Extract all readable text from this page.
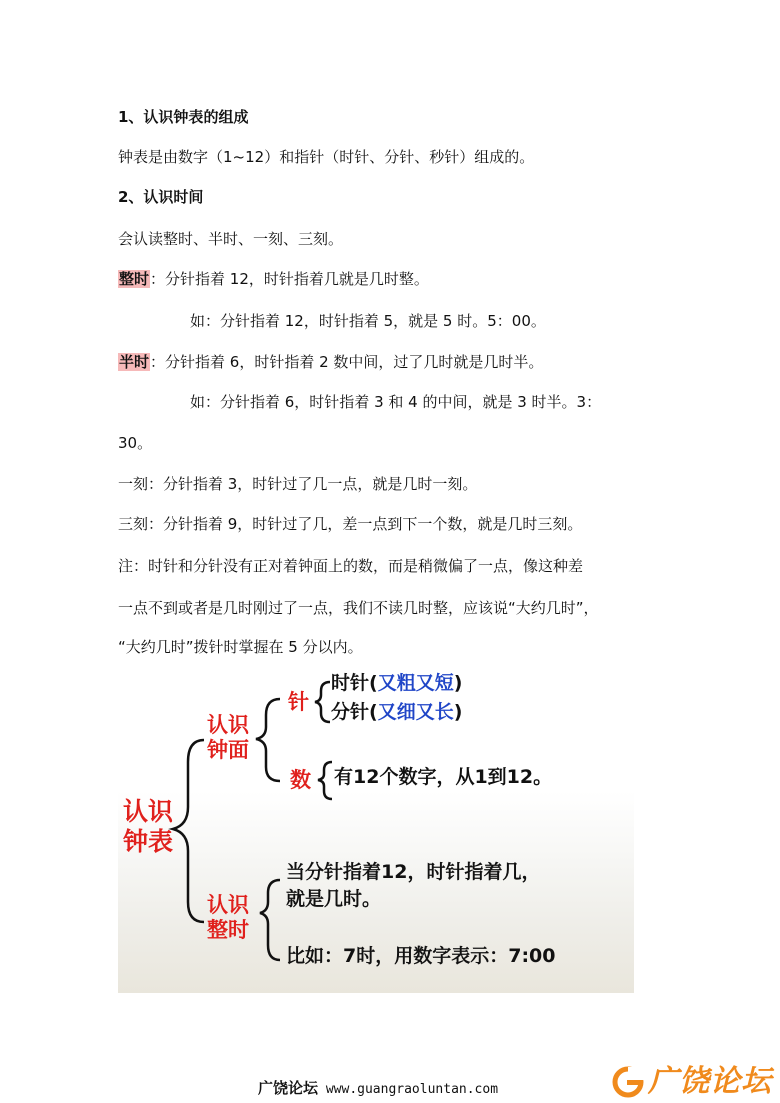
1、认识钟表的组成
钟表是由数字（1~12）和指针（时针、分针、秒针）组成的。
2、认识时间
会认读整时、半时、一刻、三刻。
整时：分针指着 12，时针指着几就是几时整。
如：分针指着 12，时针指着 5，就是 5 时。5：00。
半时：分针指着 6，时针指着 2 数中间，过了几时就是几时半。
如：分针指着 6，时针指着 3 和 4 的中间，就是 3 时半。3：
30。
一刻：分针指着 3，时针过了几一点，就是几时一刻。
三刻：分针指着 9，时针过了几，差一点到下一个数，就是几时三刻。
注：时针和分针没有正对着钟面上的数，而是稍微偏了一点，像这种差
一点不到或者是几时刚过了一点，我们不读几时整，应该说“大约几时”，
“大约几时”拨针时掌握在 5 分以内。
认识
钟表
认识
钟面
认识
整时
针
数
时针(又粗又短)
分针(又细又长)
有12个数字，从1到12。
当分针指着12，时针指着几，
就是几时。
比如：7时，用数字表示：7:00
广饶论坛 www.guangraoluntan.com	广饶论坛
